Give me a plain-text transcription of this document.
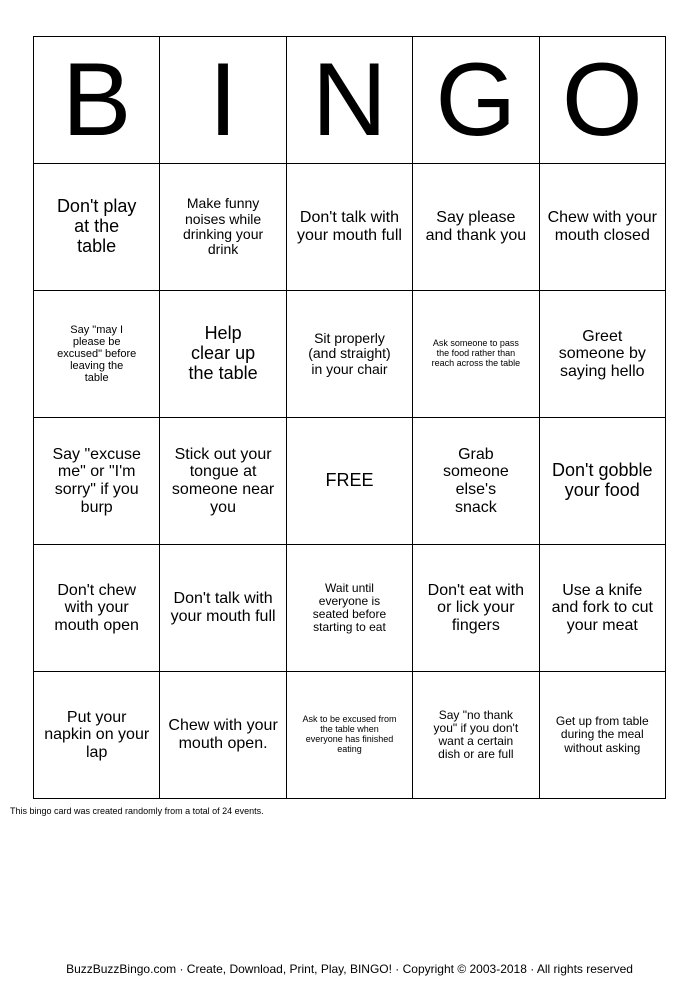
B	I	N	G	O

Don't play at the table	Make funny noises while drinking your drink	Don't talk with your mouth full	Say please and thank you	Chew with your mouth closed

Say "may I please be excused" before leaving the table	Help clear up the table	Sit properly (and straight) in your chair	Ask someone to pass the food rather than reach across the table	Greet someone by saying hello

Say "excuse me" or "I'm sorry" if you burp	Stick out your tongue at someone near you	FREE	Grab someone else's snack	Don't gobble your food

Don't chew with your mouth open	Don't talk with your mouth full	Wait until everyone is seated before starting to eat	Don't eat with or lick your fingers	Use a knife and fork to cut your meat

Put your napkin on your lap	Chew with your mouth open.	Ask to be excused from the table when everyone has finished eating	Say "no thank you" if you don't want a certain dish or are full	Get up from table during the meal without asking
This bingo card was created randomly from a total of 24 events.
BuzzBuzzBingo.com · Create, Download, Print, Play, BINGO! · Copyright © 2003-2018 · All rights reserved
